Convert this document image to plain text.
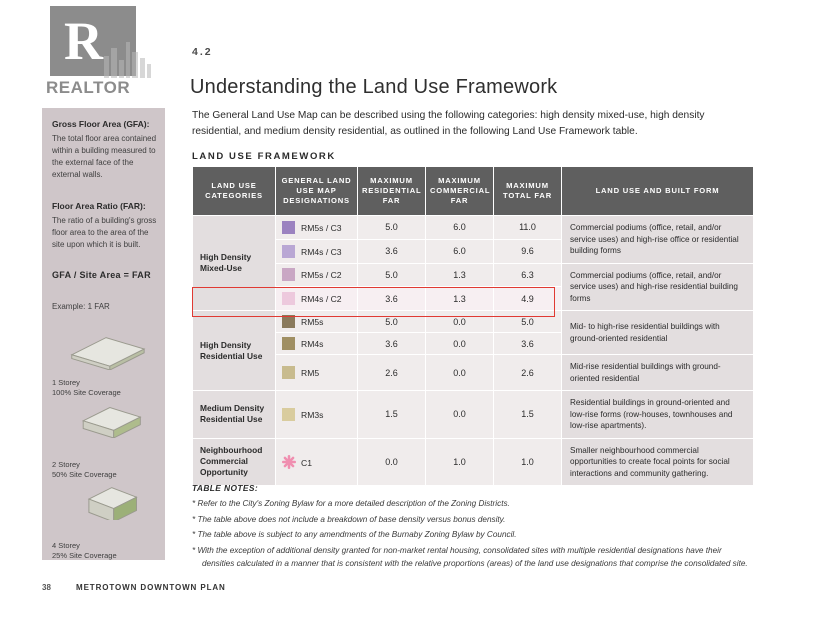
R
REALTOR
Gross Floor Area (GFA):
The total floor area contained within a building measured to the external face of the external walls.
Floor Area Ratio (FAR):
The ratio of a building's gross floor area to the area of the site upon which it is built.
GFA / Site Area = FAR
Example: 1 FAR
1 Storey
100% Site Coverage
2 Storey
50% Site Coverage
4 Storey
25% Site Coverage
4.2
Understanding the Land Use Framework

The General Land Use Map can be described using the following categories: high density mixed-use, high density residential, and medium density residential, as outlined in the following Land Use Framework table.

LAND USE FRAMEWORK
LAND USE CATEGORIES	GENERAL LAND USE MAP DESIGNATIONS	MAXIMUM RESIDENTIAL FAR	MAXIMUM COMMERCIAL FAR	MAXIMUM TOTAL FAR	LAND USE AND BUILT FORM
High Density Mixed-Use	RM5s / C3	5.0	6.0	11.0	Commercial podiums (office, retail, and/or service uses) and high-rise office or residential building forms
	RM4s / C3	3.6	6.0	9.6	
	RM5s / C2	5.0	1.3	6.3	Commercial podiums (office, retail, and/or service uses) and high-rise residential building forms
	RM4s / C2	3.6	1.3	4.9	
High Density Residential Use	RM5s	5.0	0.0	5.0	Mid- to high-rise residential buildings with ground-oriented residential
	RM4s	3.6	0.0	3.6	
	RM5	2.6	0.0	2.6	Mid-rise residential buildings with ground-oriented residential
Medium Density Residential Use	RM3s	1.5	0.0	1.5	Residential buildings in ground-oriented and low-rise forms (row-houses, townhouses and low-rise apartments).
Neighbourhood Commercial Opportunity	C1	0.0	1.0	1.0	Smaller neighbourhood commercial opportunities to create focal points for social interactions and community gathering.
TABLE NOTES:
* Refer to the City's Zoning Bylaw for a more detailed description of the Zoning Districts.
* The table above does not include a breakdown of base density versus bonus density.
* The table above is subject to any amendments of the Burnaby Zoning Bylaw by Council.
* With the exception of additional density granted for non-market rental housing, consolidated sites with multiple residential designations have their densities calculated in a manner that is consistent with the relative proportions (areas) of the land use designations that comprise the consolidated site.
38	METROTOWN DOWNTOWN PLAN
